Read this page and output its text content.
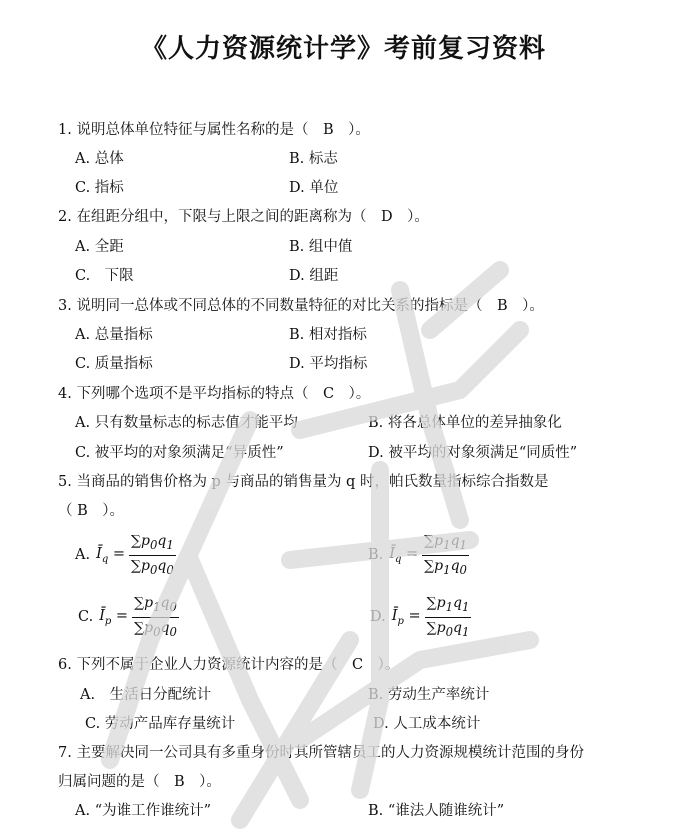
《人力资源统计学》考前复习资料
1. 说明总体单位特征与属性名称的是（　B　）。
A. 总体	B. 标志
C. 指标	D. 单位
2. 在组距分组中，下限与上限之间的距离称为（　D　）。
A. 全距	B. 组中值
C.　下限	D. 组距
3. 说明同一总体或不同总体的不同数量特征的对比关系的指标是（　B　）。
A. 总量指标	B. 相对指标
C. 质量指标	D. 平均指标
4. 下列哪个选项不是平均指标的特点（　C　）。
A. 只有数量标志的标志值才能平均	B. 将各总体单位的差异抽象化
C. 被平均的对象须满足“异质性”	D. 被平均的对象须满足“同质性”
5. 当商品的销售价格为 p 与商品的销售量为 q 时，帕氏数量指标综合指数是
（ B　）。
A. $Ī_q = \frac{\sum p_0q_1}{\sum p_0q_0}$	B. $Ī_q = \frac{\sum p_1q_1}{\sum p_1q_0}$
C. $Ī_p = \frac{\sum p_1q_0}{\sum p_0q_0}$	D. $Ī_p = \frac{\sum p_1q_1}{\sum p_0q_1}$
6. 下列不属于企业人力资源统计内容的是（　C　）。
A.　生活日分配统计	B. 劳动生产率统计
C. 劳动产品库存量统计	D. 人工成本统计
7. 主要解决同一公司具有多重身份时其所管辖员工的人力资源规模统计范围的身份
归属问题的是（　B　）。
A. “为谁工作谁统计”	B. “谁法人随谁统计”
佚名
